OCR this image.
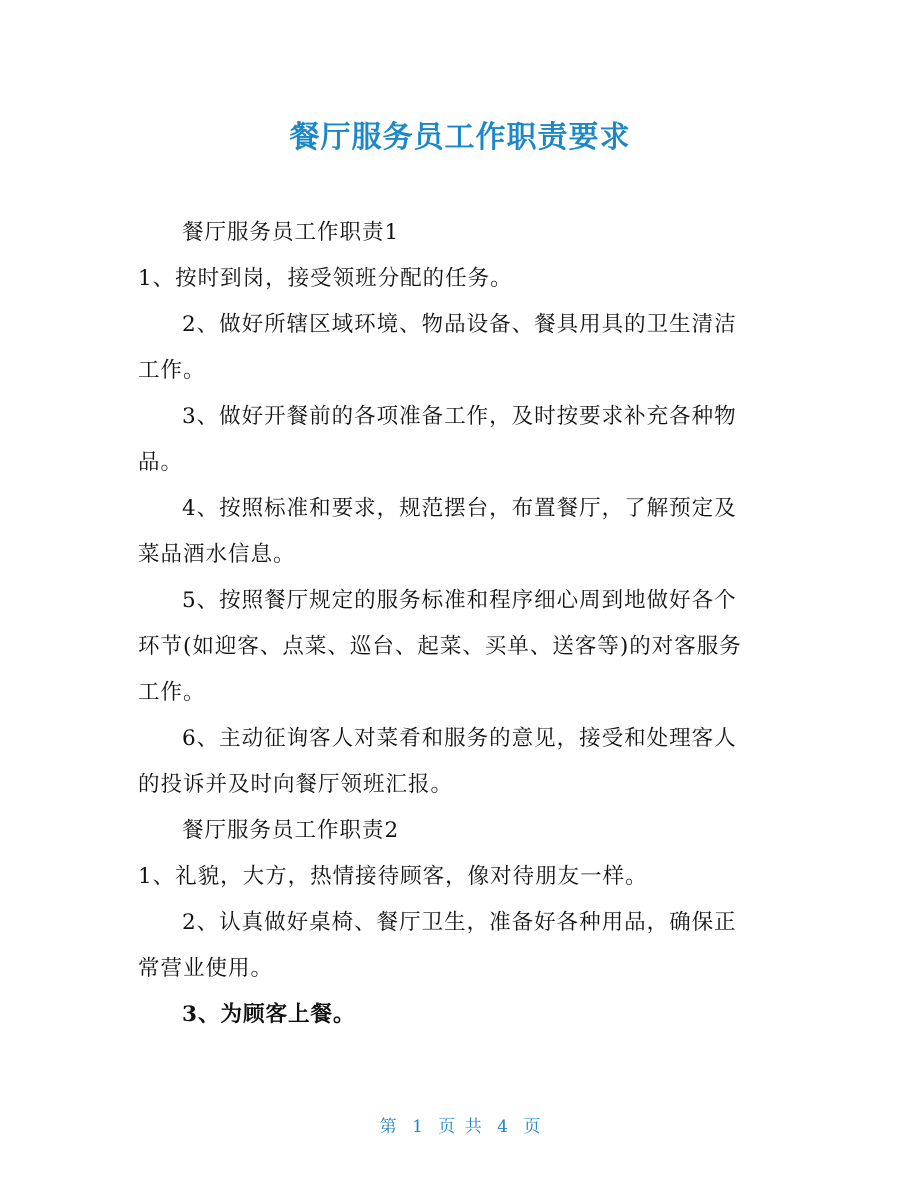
餐厅服务员工作职责要求
餐厅服务员工作职责1
1、按时到岗，接受领班分配的任务。
2、做好所辖区域环境、物品设备、餐具用具的卫生清洁
工作。
3、做好开餐前的各项准备工作，及时按要求补充各种物
品。
4、按照标准和要求，规范摆台，布置餐厅，了解预定及
菜品酒水信息。
5、按照餐厅规定的服务标准和程序细心周到地做好各个
环节(如迎客、点菜、巡台、起菜、买单、送客等)的对客服务
工作。
6、主动征询客人对菜肴和服务的意见，接受和处理客人
的投诉并及时向餐厅领班汇报。
餐厅服务员工作职责2
1、礼貌，大方，热情接待顾客，像对待朋友一样。
2、认真做好桌椅、餐厅卫生，准备好各种用品，确保正
常营业使用。
3、为顾客上餐。
第 1 页 共 4 页
